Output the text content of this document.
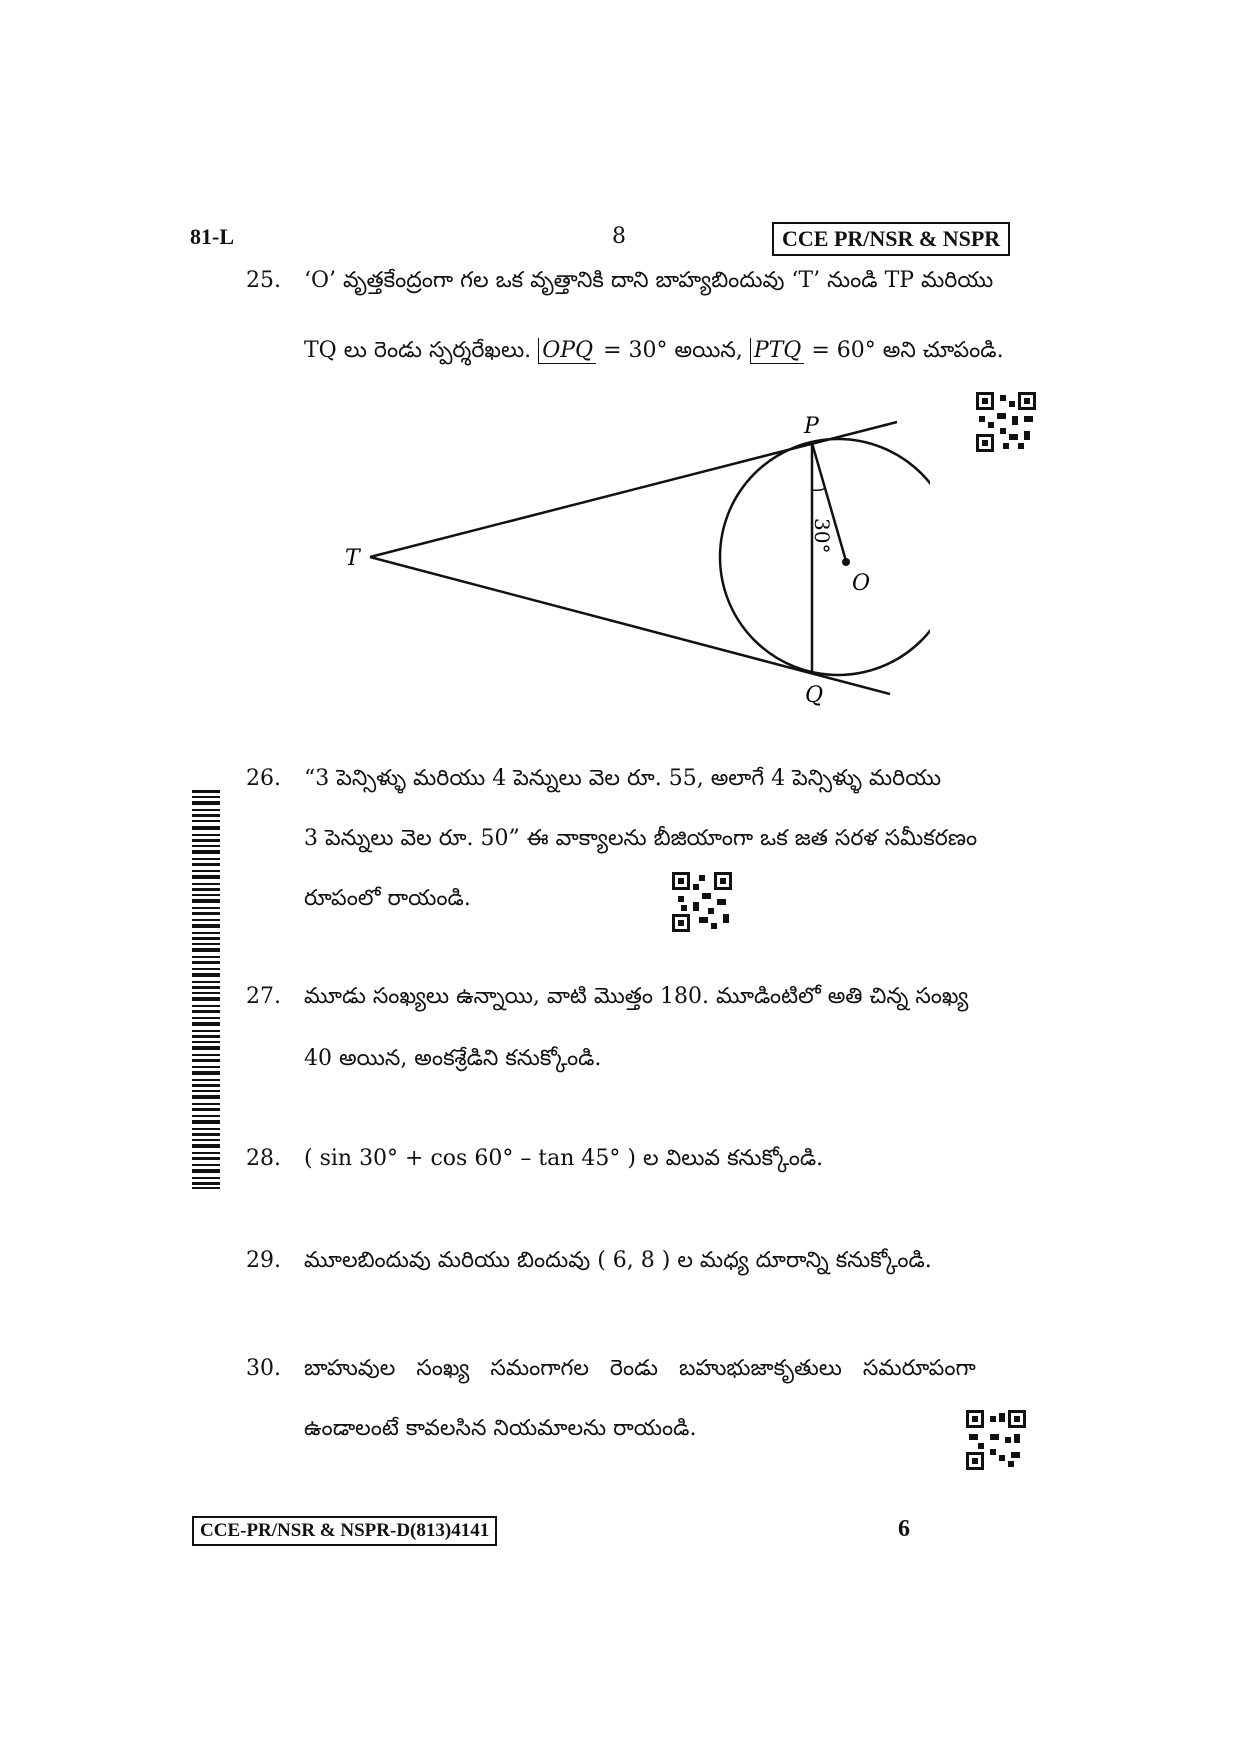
81-L	8	CCE PR/NSR & NSPR
25.	‘O’ వృత్తకేంద్రంగా గల ఒక వృత్తానికి దాని బాహ్యబిందువు ‘T’ నుండి TP మరియు
TQ లు రెండు స్పర్శరేఖలు. OPQ = 30° అయిన, PTQ = 60° అని చూపండి.
30°
P
Q
T
O
26.	“3 పెన్సిళ్ళు మరియు 4 పెన్నులు వెల రూ. 55, అలాగే 4 పెన్సిళ్ళు మరియు
3 పెన్నులు వెల రూ. 50” ఈ వాక్యాలను బీజియాంగా ఒక జత సరళ సమీకరణం
రూపంలో రాయండి.
27.	మూడు సంఖ్యలు ఉన్నాయి, వాటి మొత్తం 180. మూడింటిలో అతి చిన్న సంఖ్య
40 అయిన, అంకశ్రేడిని కనుక్కోండి.
28.	( sin 30° + cos 60° – tan 45° ) ల విలువ కనుక్కోండి.
29.	మూలబిందువు మరియు బిందువు ( 6, 8 ) ల మధ్య దూరాన్ని కనుక్కోండి.
30.	బాహువుల సంఖ్య సమంగాగల రెండు బహుభుజాకృతులు సమరూపంగా
ఉండాలంటే కావలసిన నియమాలను రాయండి.
CCE-PR/NSR & NSPR-D(813)4141	6
